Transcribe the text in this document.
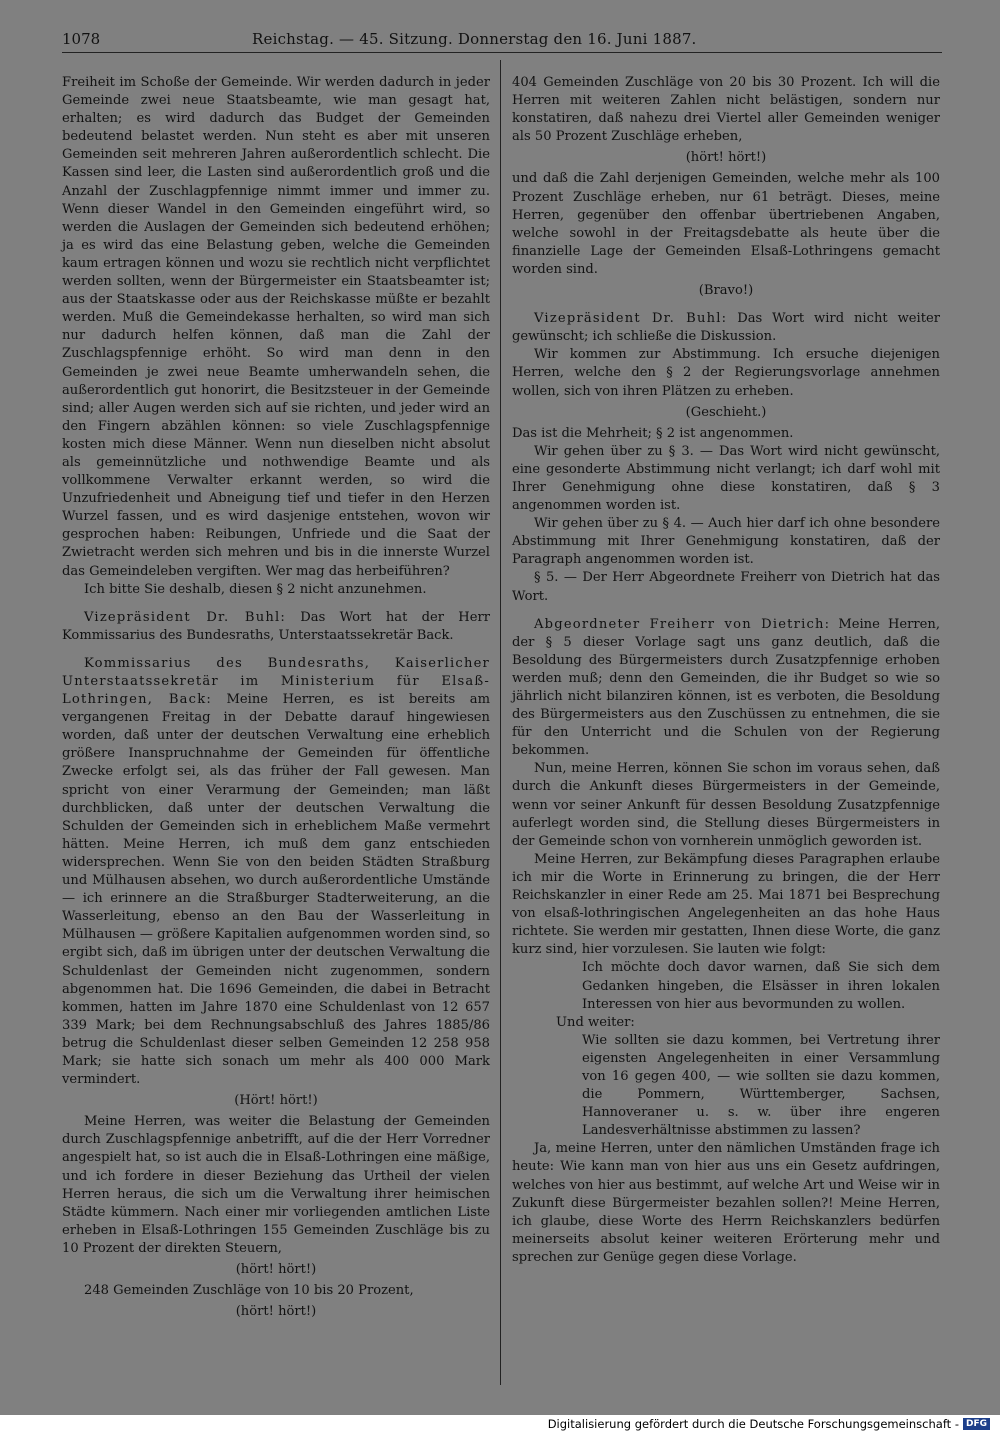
1078	Reichstag. — 45. Sitzung. Donnerstag den 16. Juni 1887.

Freiheit im Schoße der Gemeinde. Wir werden dadurch in jeder Gemeinde zwei neue Staatsbeamte, wie man gesagt hat, erhalten; es wird dadurch das Budget der Gemeinden bedeutend belastet werden. Nun steht es aber mit unseren Gemeinden seit mehreren Jahren außerordentlich schlecht. Die Kassen sind leer, die Lasten sind außerordentlich groß und die Anzahl der Zuschlagpfennige nimmt immer und immer zu. Wenn dieser Wandel in den Gemeinden eingeführt wird, so werden die Auslagen der Gemeinden sich bedeutend erhöhen; ja es wird das eine Belastung geben, welche die Gemeinden kaum ertragen können und wozu sie rechtlich nicht verpflichtet werden sollten, wenn der Bürgermeister ein Staatsbeamter ist; aus der Staatskasse oder aus der Reichskasse müßte er bezahlt werden. Muß die Gemeindekasse herhalten, so wird man sich nur dadurch helfen können, daß man die Zahl der Zuschlagspfennige erhöht. So wird man denn in den Gemeinden je zwei neue Beamte umherwandeln sehen, die außerordentlich gut honorirt, die Besitzsteuer in der Gemeinde sind; aller Augen werden sich auf sie richten, und jeder wird an den Fingern abzählen können: so viele Zuschlagspfennige kosten mich diese Männer. Wenn nun dieselben nicht absolut als gemeinnützliche und nothwendige Beamte und als vollkommene Verwalter erkannt werden, so wird die Unzufriedenheit und Abneigung tief und tiefer in den Herzen Wurzel fassen, und es wird dasjenige entstehen, wovon wir gesprochen haben: Reibungen, Unfriede und die Saat der Zwietracht werden sich mehren und bis in die innerste Wurzel das Gemeindeleben vergiften. Wer mag das herbeiführen?

Ich bitte Sie deshalb, diesen § 2 nicht anzunehmen.

Vizepräsident Dr. Buhl: Das Wort hat der Herr Kommissarius des Bundesraths, Unterstaatssekretär Back.

Kommissarius des Bundesraths, Kaiserlicher Unterstaatssekretär im Ministerium für Elsaß-Lothringen, Back: Meine Herren, es ist bereits am vergangenen Freitag in der Debatte darauf hingewiesen worden, daß unter der deutschen Verwaltung eine erheblich größere Inanspruchnahme der Gemeinden für öffentliche Zwecke erfolgt sei, als das früher der Fall gewesen. Man spricht von einer Verarmung der Gemeinden; man läßt durchblicken, daß unter der deutschen Verwaltung die Schulden der Gemeinden sich in erheblichem Maße vermehrt hätten. Meine Herren, ich muß dem ganz entschieden widersprechen. Wenn Sie von den beiden Städten Straßburg und Mülhausen absehen, wo durch außerordentliche Umstände — ich erinnere an die Straßburger Stadterweiterung, an die Wasserleitung, ebenso an den Bau der Wasserleitung in Mülhausen — größere Kapitalien aufgenommen worden sind, so ergibt sich, daß im übrigen unter der deutschen Verwaltung die Schuldenlast der Gemeinden nicht zugenommen, sondern abgenommen hat. Die 1696 Gemeinden, die dabei in Betracht kommen, hatten im Jahre 1870 eine Schuldenlast von 12 657 339 Mark; bei dem Rechnungsabschluß des Jahres 1885/86 betrug die Schuldenlast dieser selben Gemeinden 12 258 958 Mark; sie hatte sich sonach um mehr als 400 000 Mark vermindert.

(Hört! hört!)

Meine Herren, was weiter die Belastung der Gemeinden durch Zuschlagspfennige anbetrifft, auf die der Herr Vorredner angespielt hat, so ist auch die in Elsaß-Lothringen eine mäßige, und ich fordere in dieser Beziehung das Urtheil der vielen Herren heraus, die sich um die Verwaltung ihrer heimischen Städte kümmern. Nach einer mir vorliegenden amtlichen Liste erheben in Elsaß-Lothringen 155 Gemeinden Zuschläge bis zu 10 Prozent der direkten Steuern,

(hört! hört!)

248 Gemeinden Zuschläge von 10 bis 20 Prozent,

(hört! hört!)

404 Gemeinden Zuschläge von 20 bis 30 Prozent. Ich will die Herren mit weiteren Zahlen nicht belästigen, sondern nur konstatiren, daß nahezu drei Viertel aller Gemeinden weniger als 50 Prozent Zuschläge erheben,

(hört! hört!)

und daß die Zahl derjenigen Gemeinden, welche mehr als 100 Prozent Zuschläge erheben, nur 61 beträgt. Dieses, meine Herren, gegenüber den offenbar übertriebenen Angaben, welche sowohl in der Freitagsdebatte als heute über die finanzielle Lage der Gemeinden Elsaß-Lothringens gemacht worden sind.

(Bravo!)

Vizepräsident Dr. Buhl: Das Wort wird nicht weiter gewünscht; ich schließe die Diskussion.

Wir kommen zur Abstimmung. Ich ersuche diejenigen Herren, welche den § 2 der Regierungsvorlage annehmen wollen, sich von ihren Plätzen zu erheben.

(Geschieht.)

Das ist die Mehrheit; § 2 ist angenommen.

Wir gehen über zu § 3. — Das Wort wird nicht gewünscht, eine gesonderte Abstimmung nicht verlangt; ich darf wohl mit Ihrer Genehmigung ohne diese konstatiren, daß § 3 angenommen worden ist.

Wir gehen über zu § 4. — Auch hier darf ich ohne besondere Abstimmung mit Ihrer Genehmigung konstatiren, daß der Paragraph angenommen worden ist.

§ 5. — Der Herr Abgeordnete Freiherr von Dietrich hat das Wort.

Abgeordneter Freiherr von Dietrich: Meine Herren, der § 5 dieser Vorlage sagt uns ganz deutlich, daß die Besoldung des Bürgermeisters durch Zusatzpfennige erhoben werden muß; denn den Gemeinden, die ihr Budget so wie so jährlich nicht bilanziren können, ist es verboten, die Besoldung des Bürgermeisters aus den Zuschüssen zu entnehmen, die sie für den Unterricht und die Schulen von der Regierung bekommen.

Nun, meine Herren, können Sie schon im voraus sehen, daß durch die Ankunft dieses Bürgermeisters in der Gemeinde, wenn vor seiner Ankunft für dessen Besoldung Zusatzpfennige auferlegt worden sind, die Stellung dieses Bürgermeisters in der Gemeinde schon von vornherein unmöglich geworden ist.

Meine Herren, zur Bekämpfung dieses Paragraphen erlaube ich mir die Worte in Erinnerung zu bringen, die der Herr Reichskanzler in einer Rede am 25. Mai 1871 bei Besprechung von elsaß-lothringischen Angelegenheiten an das hohe Haus richtete. Sie werden mir gestatten, Ihnen diese Worte, die ganz kurz sind, hier vorzulesen. Sie lauten wie folgt:

Ich möchte doch davor warnen, daß Sie sich dem Gedanken hingeben, die Elsässer in ihren lokalen Interessen von hier aus bevormunden zu wollen.

Und weiter:

Wie sollten sie dazu kommen, bei Vertretung ihrer eigensten Angelegenheiten in einer Versammlung von 16 gegen 400, — wie sollten sie dazu kommen, die Pommern, Württemberger, Sachsen, Hannoveraner u. s. w. über ihre engeren Landesverhältnisse abstimmen zu lassen?

Ja, meine Herren, unter den nämlichen Umständen frage ich heute: Wie kann man von hier aus uns ein Gesetz aufdringen, welches von hier aus bestimmt, auf welche Art und Weise wir in Zukunft diese Bürgermeister bezahlen sollen?! Meine Herren, ich glaube, diese Worte des Herrn Reichskanzlers bedürfen meinerseits absolut keiner weiteren Erörterung mehr und sprechen zur Genüge gegen diese Vorlage.

Digitalisierung gefördert durch die Deutsche Forschungsgemeinschaft - DFG
